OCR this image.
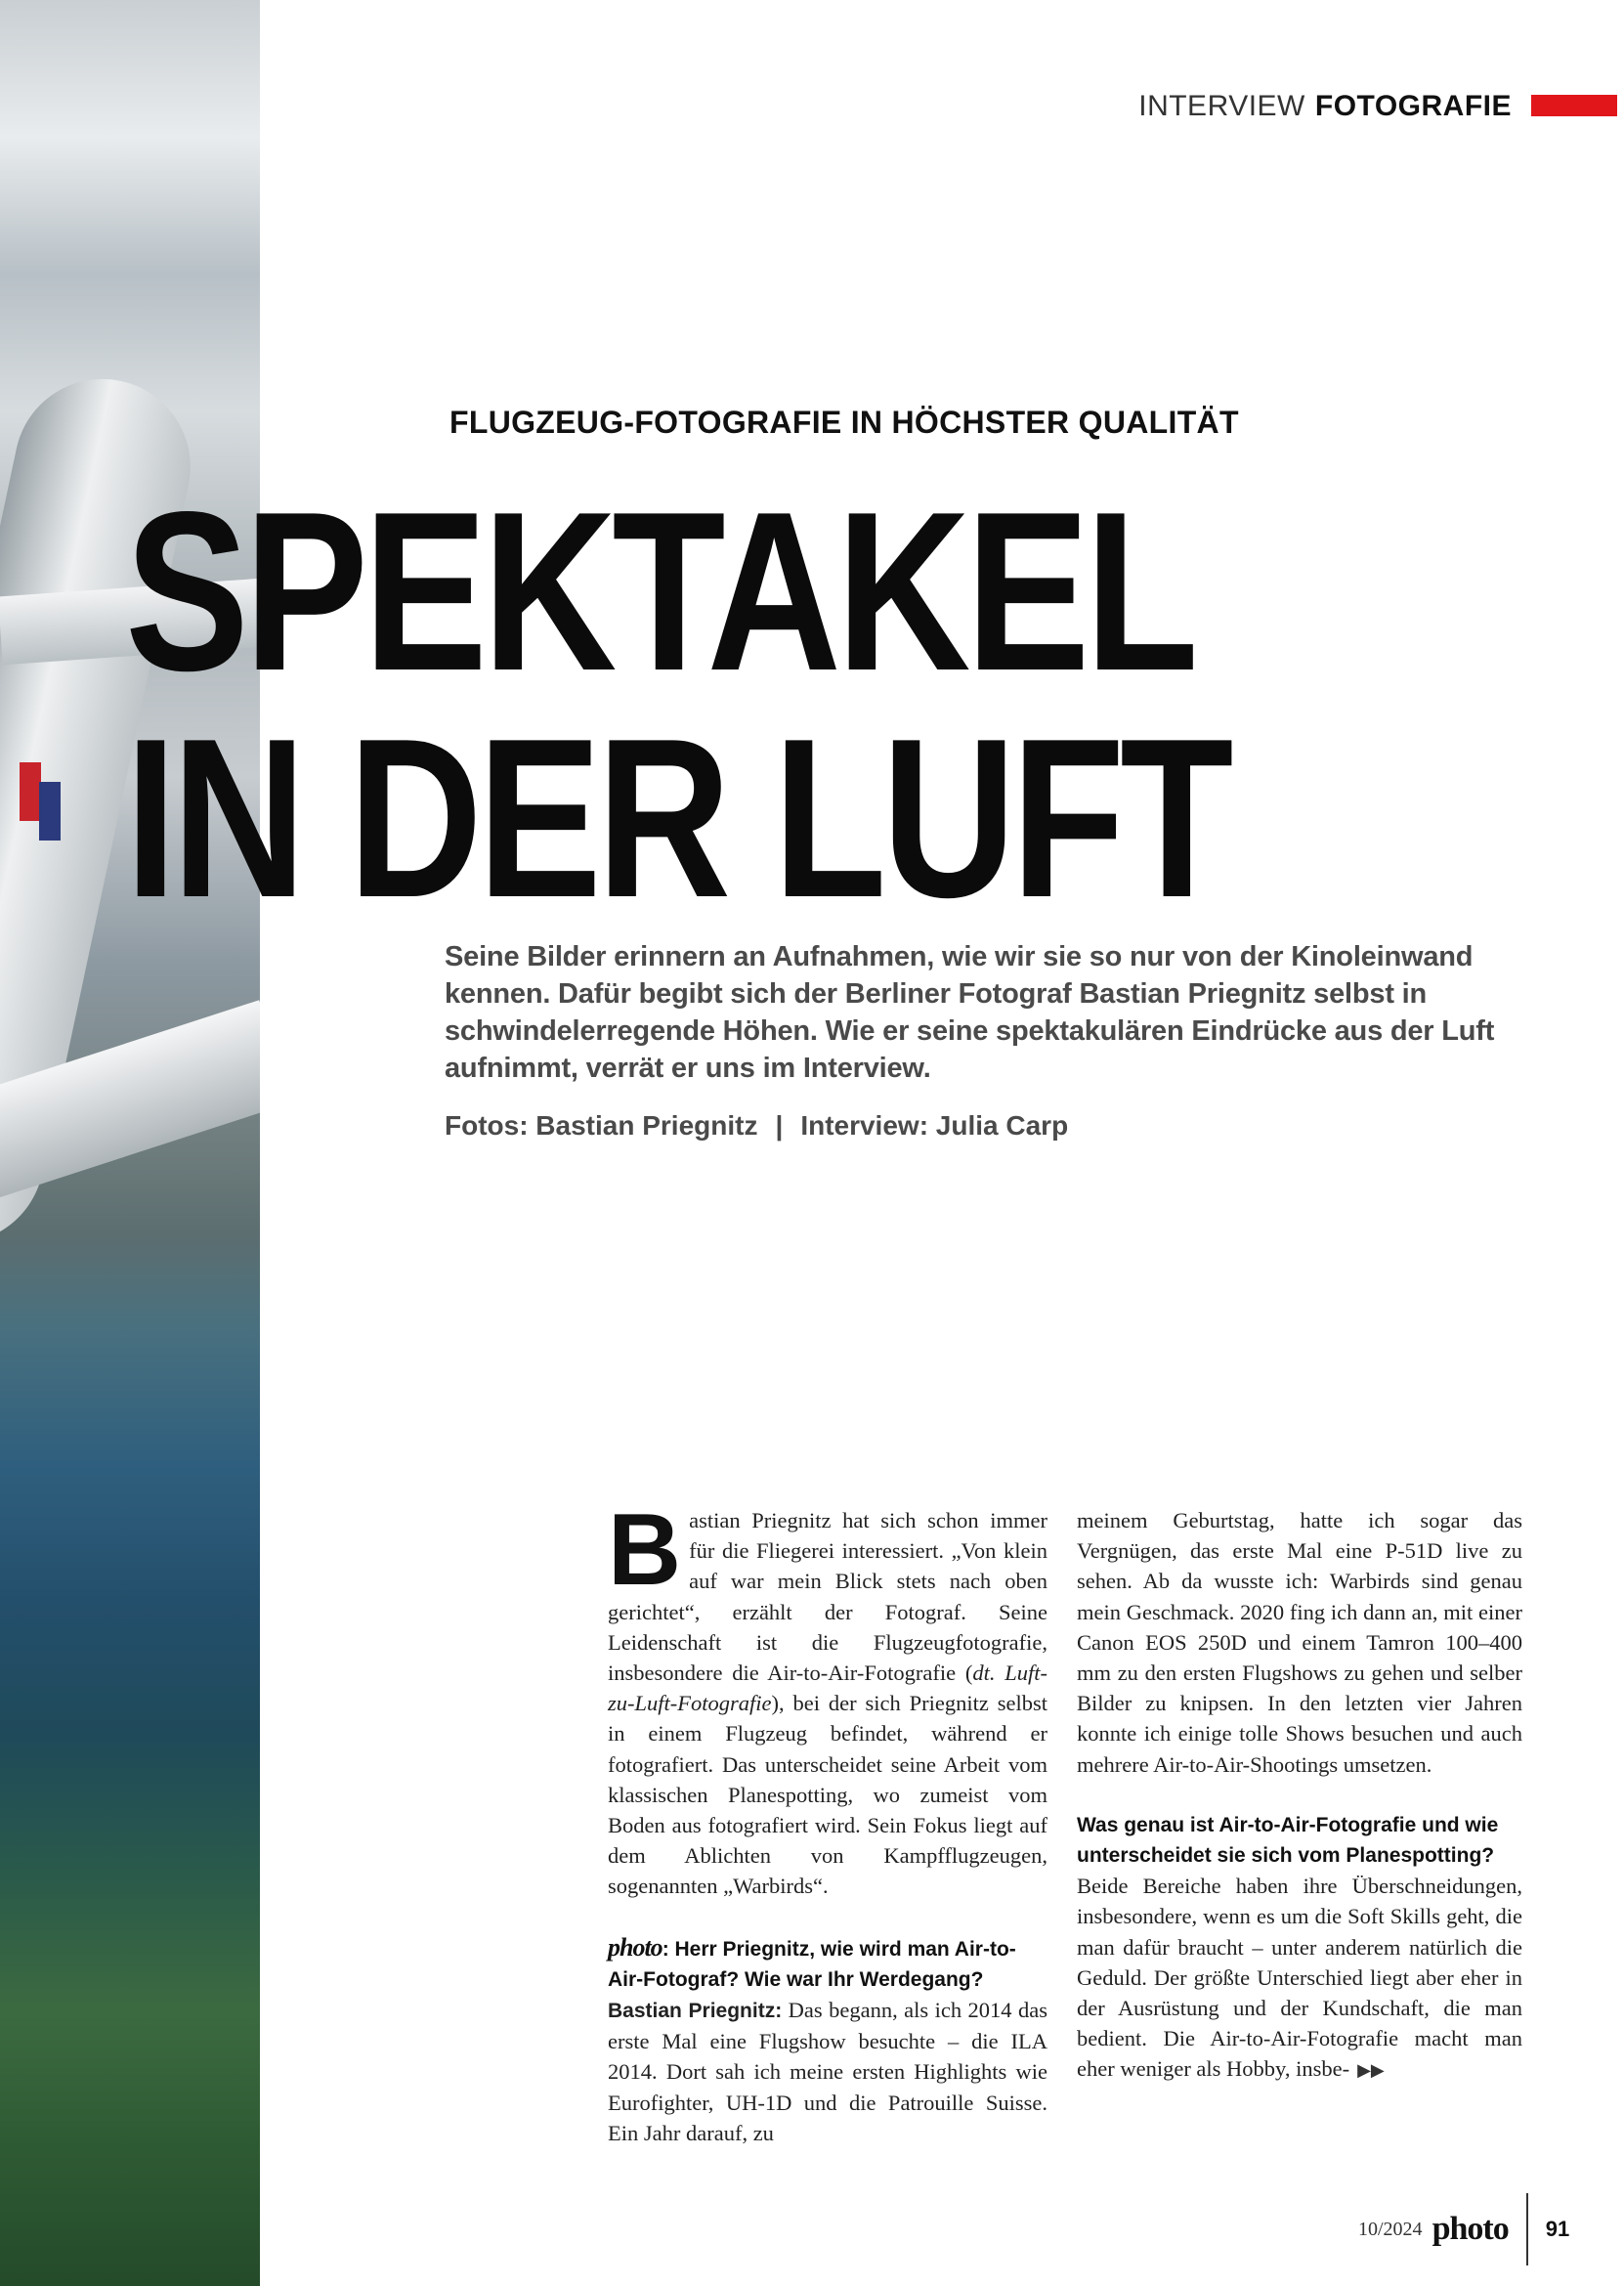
INTERVIEW FOTOGRAFIE
FLUGZEUG-FOTOGRAFIE IN HÖCHSTER QUALITÄT
SPEKTAKEL
IN DER LUFT

Seine Bilder erinnern an Aufnahmen, wie wir sie so nur von der Kinoleinwand kennen. Dafür begibt sich der Berliner Fotograf Bastian Priegnitz selbst in schwindelerregende Höhen. Wie er seine spektakulären Eindrücke aus der Luft aufnimmt, verrät er uns im Interview.

Fotos: Bastian Priegnitz | Interview: Julia Carp

Bastian Priegnitz hat sich schon immer für die Fliegerei interessiert. „Von klein auf war mein Blick stets nach oben gerichtet“, erzählt der Fotograf. Seine Leidenschaft ist die Flugzeugfotografie, insbesondere die Air-to-Air-Fotografie (dt. Luft-zu-Luft-Fotografie), bei der sich Priegnitz selbst in einem Flugzeug befindet, während er fotografiert. Das unterscheidet seine Arbeit vom klassischen Planespotting, wo zumeist vom Boden aus fotografiert wird. Sein Fokus liegt auf dem Ablichten von Kampfflugzeugen, sogenannten „Warbirds“.

photo: Herr Priegnitz, wie wird man Air-to-Air-Fotograf? Wie war Ihr Werdegang?

Bastian Priegnitz: Das begann, als ich 2014 das erste Mal eine Flugshow besuchte – die ILA 2014. Dort sah ich meine ersten Highlights wie Eurofighter, UH-1D und die Patrouille Suisse. Ein Jahr darauf, zu

meinem Geburtstag, hatte ich sogar das Vergnügen, das erste Mal eine P-51D live zu sehen. Ab da wusste ich: Warbirds sind genau mein Geschmack. 2020 fing ich dann an, mit einer Canon EOS 250D und einem Tamron 100–400 mm zu den ersten Flugshows zu gehen und selber Bilder zu knipsen. In den letzten vier Jahren konnte ich einige tolle Shows besuchen und auch mehrere Air-to-Air-Shootings umsetzen.

Was genau ist Air-to-Air-Fotografie und wie unterscheidet sie sich vom Planespotting?

Beide Bereiche haben ihre Überschneidungen, insbesondere, wenn es um die Soft Skills geht, die man dafür braucht – unter anderem natürlich die Geduld. Der größte Unterschied liegt aber eher in der Ausrüstung und der Kundschaft, die man bedient. Die Air-to-Air-Fotografie macht man eher weniger als Hobby, insbe- ▶▶

10/2024 photo 91
